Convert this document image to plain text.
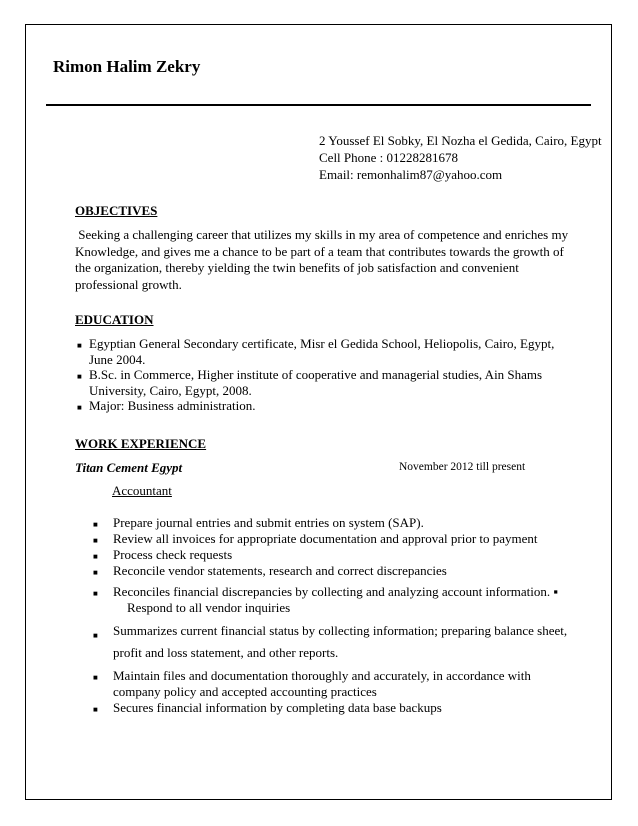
Rimon Halim Zekry
2 Youssef El Sobky, El Nozha el Gedida, Cairo, Egypt
Cell Phone : 01228281678
Email: remonhalim87@yahoo.com
OBJECTIVES
Seeking a challenging career that utilizes my skills in my area of competence and enriches my
Knowledge, and gives me a chance to be part of a team that contributes towards the growth of
the organization, thereby yielding the twin benefits of job satisfaction and convenient
professional growth.
EDUCATION
■ Egyptian General Secondary certificate, Misr el Gedida School, Heliopolis, Cairo, Egypt, June 2004.
■ B.Sc. in Commerce, Higher institute of cooperative and managerial studies, Ain Shams University, Cairo, Egypt, 2008.
■ Major: Business administration.
WORK EXPERIENCE
Titan Cement Egypt	November 2012 till present
Accountant
■ Prepare journal entries and submit entries on system (SAP).
■ Review all invoices for appropriate documentation and approval prior to payment
■ Process check requests
■ Reconcile vendor statements, research and correct discrepancies
■ Reconciles financial discrepancies by collecting and analyzing account information. ▪
Respond to all vendor inquiries
■ Summarizes current financial status by collecting information; preparing balance sheet, profit and loss statement, and other reports.
■ Maintain files and documentation thoroughly and accurately, in accordance with company policy and accepted accounting practices
■ Secures financial information by completing data base backups
